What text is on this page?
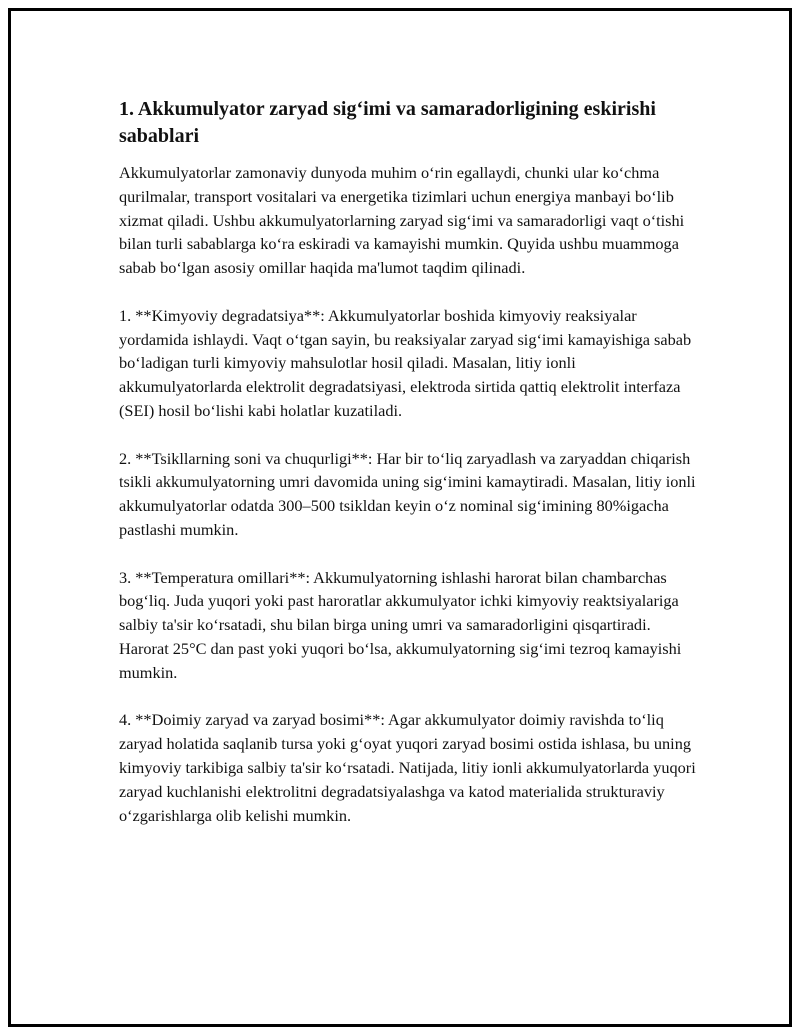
1. Akkumulyator zaryad sig‘imi va samaradorligining eskirishi sabablari

Akkumulyatorlar zamonaviy dunyoda muhim o‘rin egallaydi, chunki ular ko‘chma qurilmalar, transport vositalari va energetika tizimlari uchun energiya manbayi bo‘lib xizmat qiladi. Ushbu akkumulyatorlarning zaryad sig‘imi va samaradorligi vaqt o‘tishi bilan turli sabablarga ko‘ra eskiradi va kamayishi mumkin. Quyida ushbu muammoga sabab bo‘lgan asosiy omillar haqida ma'lumot taqdim qilinadi.

1. **Kimyoviy degradatsiya**: Akkumulyatorlar boshida kimyoviy reaksiyalar yordamida ishlaydi. Vaqt o‘tgan sayin, bu reaksiyalar zaryad sig‘imi kamayishiga sabab bo‘ladigan turli kimyoviy mahsulotlar hosil qiladi. Masalan, litiy ionli akkumulyatorlarda elektrolit degradatsiyasi, elektroda sirtida qattiq elektrolit interfaza (SEI) hosil bo‘lishi kabi holatlar kuzatiladi.

2. **Tsikllarning soni va chuqurligi**: Har bir to‘liq zaryadlash va zaryaddan chiqarish tsikli akkumulyatorning umri davomida uning sig‘imini kamaytiradi. Masalan, litiy ionli akkumulyatorlar odatda 300–500 tsikldan keyin o‘z nominal sig‘imining 80%igacha pastlashi mumkin.

3. **Temperatura omillari**: Akkumulyatorning ishlashi harorat bilan chambarchas bog‘liq. Juda yuqori yoki past haroratlar akkumulyator ichki kimyoviy reaktsiyalariga salbiy ta'sir ko‘rsatadi, shu bilan birga uning umri va samaradorligini qisqartiradi. Harorat 25°C dan past yoki yuqori bo‘lsa, akkumulyatorning sig‘imi tezroq kamayishi mumkin.

4. **Doimiy zaryad va zaryad bosimi**: Agar akkumulyator doimiy ravishda to‘liq zaryad holatida saqlanib tursa yoki g‘oyat yuqori zaryad bosimi ostida ishlasa, bu uning kimyoviy tarkibiga salbiy ta'sir ko‘rsatadi. Natijada, litiy ionli akkumulyatorlarda yuqori zaryad kuchlanishi elektrolitni degradatsiyalashga va katod materialida strukturaviy o‘zgarishlarga olib kelishi mumkin.
